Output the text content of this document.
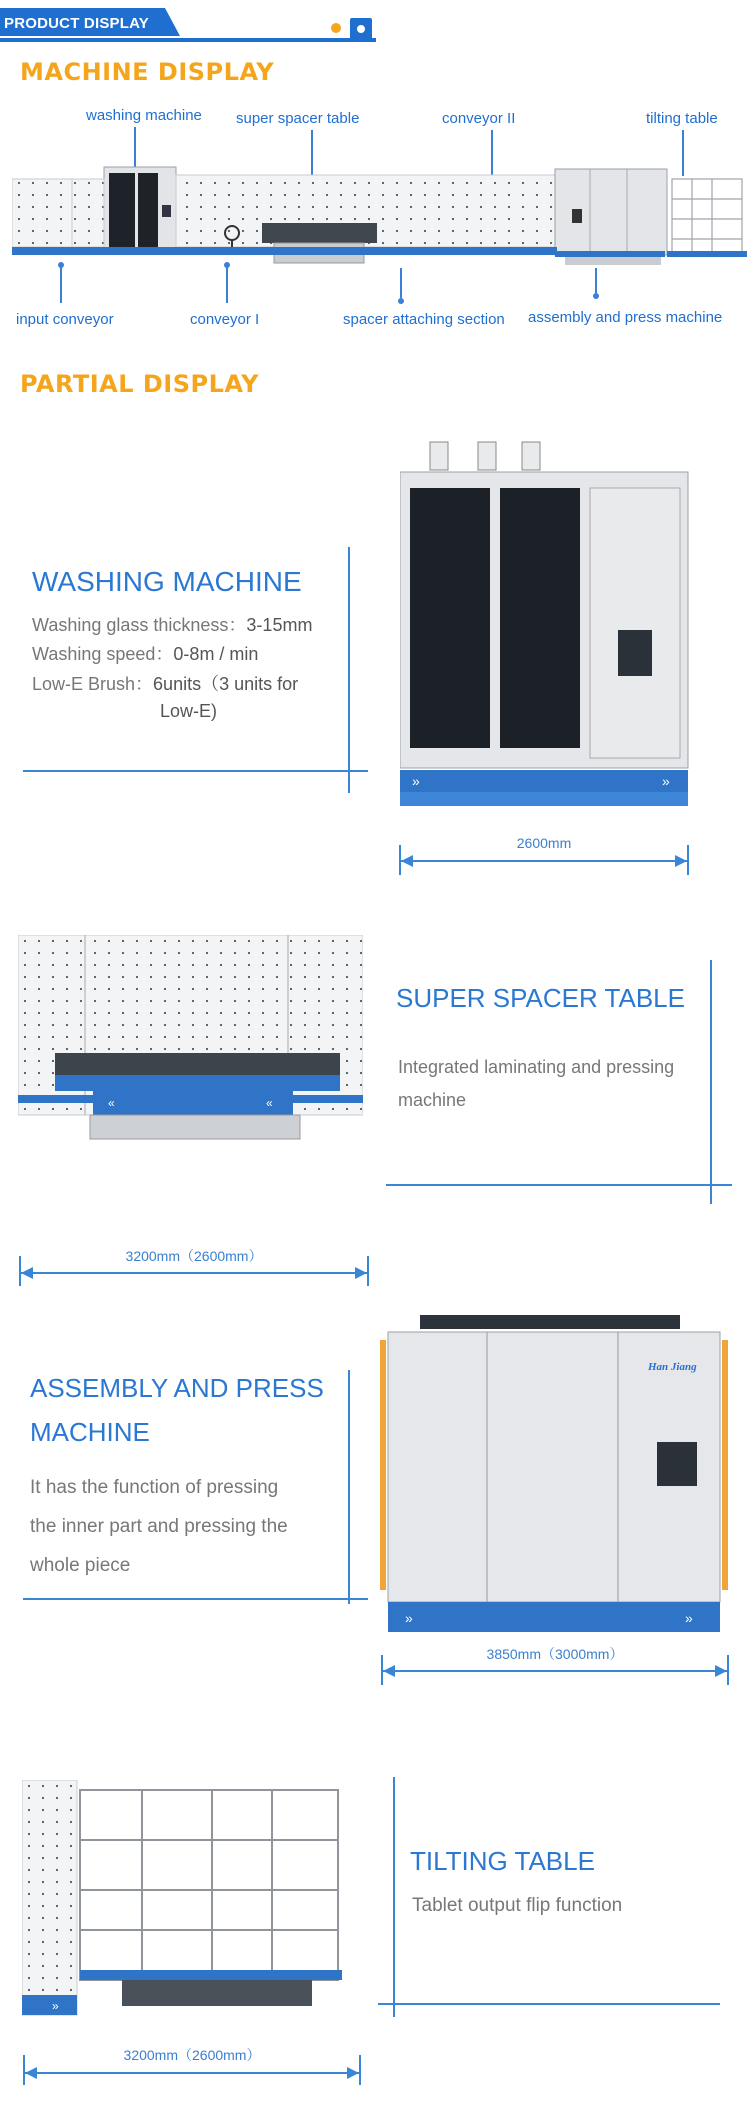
PRODUCT DISPLAY
MACHINE DISPLAY
washing machine super spacer table	conveyor II	tilting table
input conveyor	conveyor I	spacer attaching section assembly and press machine
PARTIAL DISPLAY
WASHING MACHINE
Washing glass thickness：3-15mm
Washing speed：0-8m / min
Low-E Brush：6units（3 units for
Low-E)
»	»
2600mm
«	«
SUPER SPACER TABLE
Integrated laminating and pressing
machine
3200mm（2600mm）
ASSEMBLY AND PRESS
MACHINE
It has the function of pressing
the inner part and pressing the
whole piece
Han Jiang
»	»
3850mm（3000mm）
»
TILTING TABLE
Tablet output flip function
3200mm（2600mm）
